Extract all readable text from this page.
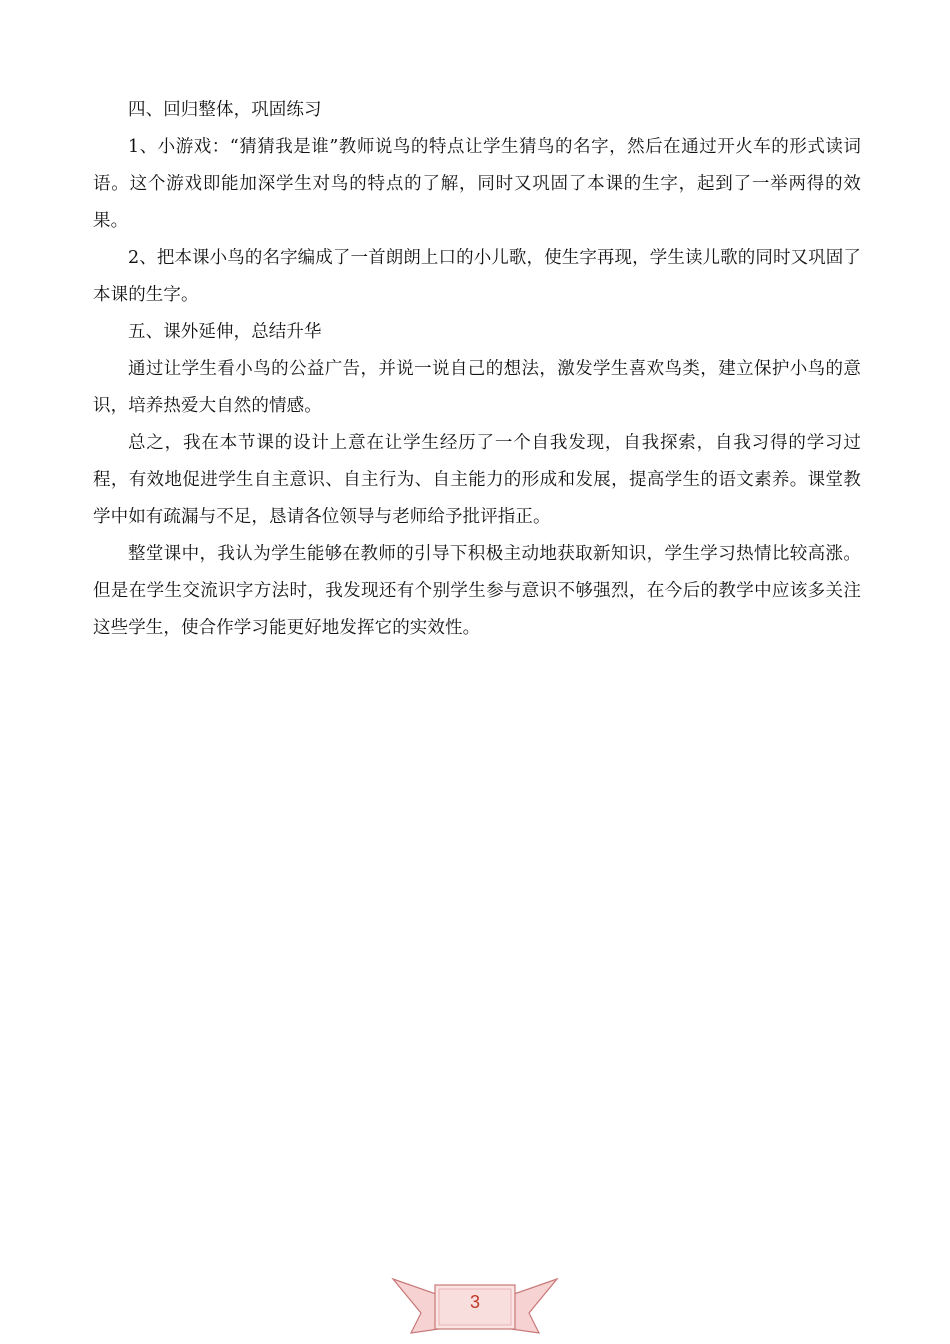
四、回归整体，巩固练习

1、小游戏：“猜猜我是谁”教师说鸟的特点让学生猜鸟的名字，然后在通过开火车的形式读词语。这个游戏即能加深学生对鸟的特点的了解，同时又巩固了本课的生字，起到了一举两得的效果。

2、把本课小鸟的名字编成了一首朗朗上口的小儿歌，使生字再现，学生读儿歌的同时又巩固了本课的生字。

五、课外延伸，总结升华

通过让学生看小鸟的公益广告，并说一说自己的想法，激发学生喜欢鸟类，建立保护小鸟的意识，培养热爱大自然的情感。

总之，我在本节课的设计上意在让学生经历了一个自我发现，自我探索，自我习得的学习过程，有效地促进学生自主意识、自主行为、自主能力的形成和发展，提高学生的语文素养。课堂教学中如有疏漏与不足，恳请各位领导与老师给予批评指正。

整堂课中，我认为学生能够在教师的引导下积极主动地获取新知识，学生学习热情比较高涨。但是在学生交流识字方法时，我发现还有个别学生参与意识不够强烈，在今后的教学中应该多关注这些学生，使合作学习能更好地发挥它的实效性。

3
